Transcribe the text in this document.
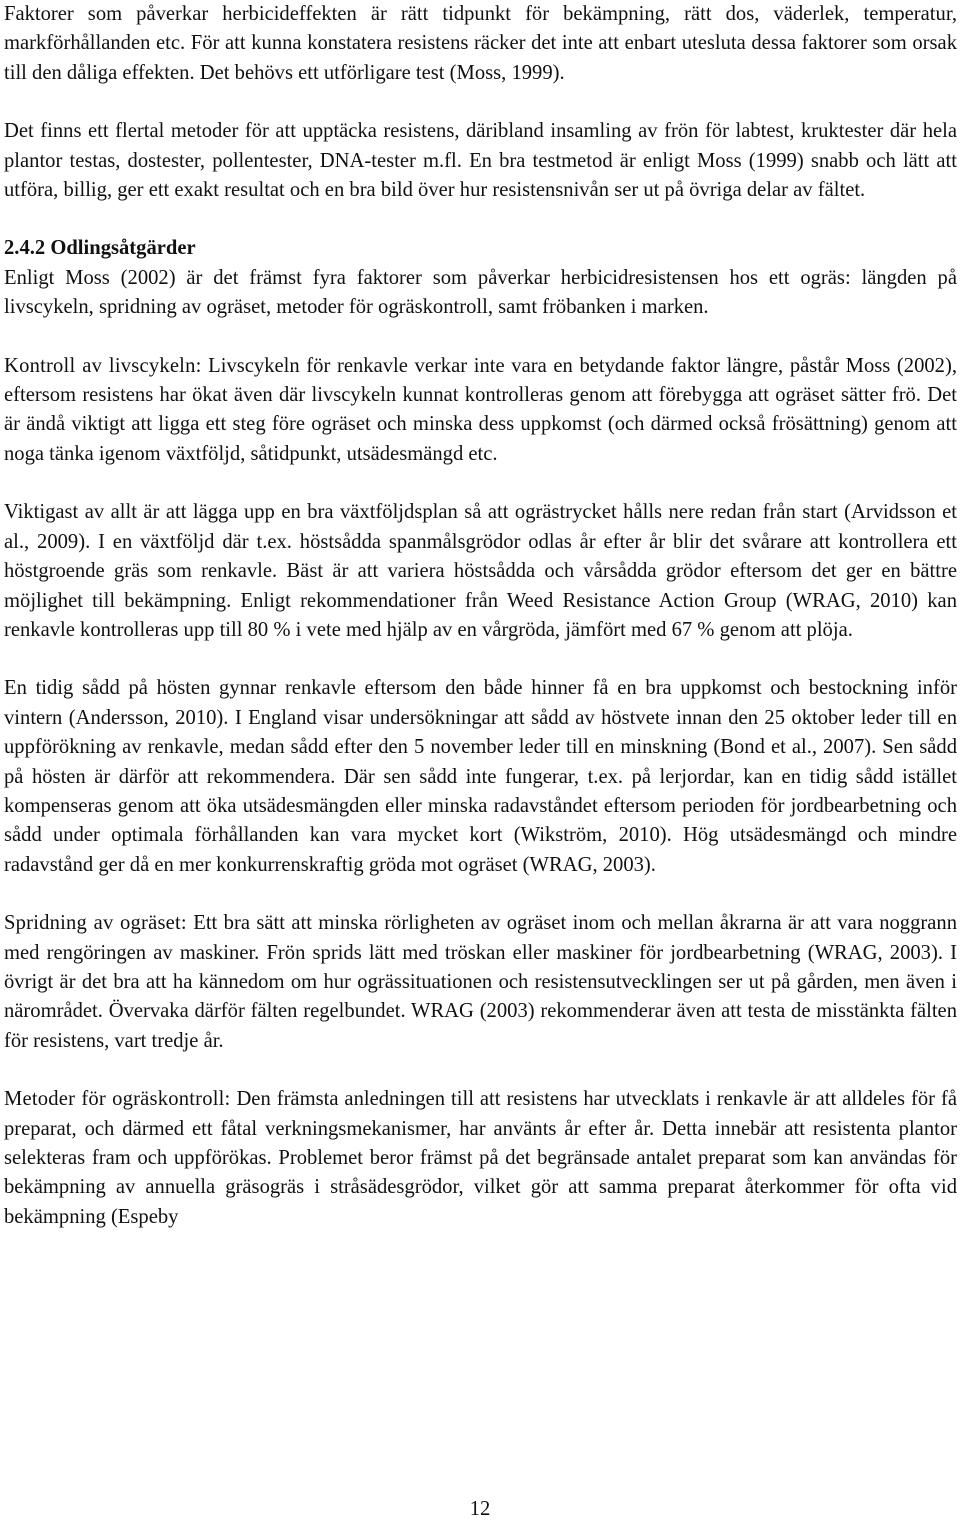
Faktorer som påverkar herbicideffekten är rätt tidpunkt för bekämpning, rätt dos, väderlek, temperatur, markförhållanden etc. För att kunna konstatera resistens räcker det inte att enbart utesluta dessa faktorer som orsak till den dåliga effekten. Det behövs ett utförligare test (Moss, 1999).

Det finns ett flertal metoder för att upptäcka resistens, däribland insamling av frön för labtest, kruktester där hela plantor testas, dostester, pollentester, DNA-tester m.fl. En bra testmetod är enligt Moss (1999) snabb och lätt att utföra, billig, ger ett exakt resultat och en bra bild över hur resistensnivån ser ut på övriga delar av fältet.

2.4.2 Odlingsåtgärder

Enligt Moss (2002) är det främst fyra faktorer som påverkar herbicidresistensen hos ett ogräs: längden på livscykeln, spridning av ogräset, metoder för ogräskontroll, samt fröbanken i marken.

Kontroll av livscykeln: Livscykeln för renkavle verkar inte vara en betydande faktor längre, påstår Moss (2002), eftersom resistens har ökat även där livscykeln kunnat kontrolleras genom att förebygga att ogräset sätter frö. Det är ändå viktigt att ligga ett steg före ogräset och minska dess uppkomst (och därmed också frösättning) genom att noga tänka igenom växtföljd, såtidpunkt, utsädesmängd etc.

Viktigast av allt är att lägga upp en bra växtföljdsplan så att ogrästrycket hålls nere redan från start (Arvidsson et al., 2009). I en växtföljd där t.ex. höstsådda spanmålsgrödor odlas år efter år blir det svårare att kontrollera ett höstgroende gräs som renkavle. Bäst är att variera höstsådda och vårsådda grödor eftersom det ger en bättre möjlighet till bekämpning. Enligt rekommendationer från Weed Resistance Action Group (WRAG, 2010) kan renkavle kontrolleras upp till 80 % i vete med hjälp av en vårgröda, jämfört med 67 % genom att plöja.

En tidig sådd på hösten gynnar renkavle eftersom den både hinner få en bra uppkomst och bestockning inför vintern (Andersson, 2010). I England visar undersökningar att sådd av höstvete innan den 25 oktober leder till en uppförökning av renkavle, medan sådd efter den 5 november leder till en minskning (Bond et al., 2007). Sen sådd på hösten är därför att rekommendera. Där sen sådd inte fungerar, t.ex. på lerjordar, kan en tidig sådd istället kompenseras genom att öka utsädesmängden eller minska radavståndet eftersom perioden för jordbearbetning och sådd under optimala förhållanden kan vara mycket kort (Wikström, 2010). Hög utsädesmängd och mindre radavstånd ger då en mer konkurrenskraftig gröda mot ogräset (WRAG, 2003).

Spridning av ogräset: Ett bra sätt att minska rörligheten av ogräset inom och mellan åkrarna är att vara noggrann med rengöringen av maskiner. Frön sprids lätt med tröskan eller maskiner för jordbearbetning (WRAG, 2003). I övrigt är det bra att ha kännedom om hur ogrässituationen och resistensutvecklingen ser ut på gården, men även i närområdet. Övervaka därför fälten regelbundet. WRAG (2003) rekommenderar även att testa de misstänkta fälten för resistens, vart tredje år.

Metoder för ogräskontroll: Den främsta anledningen till att resistens har utvecklats i renkavle är att alldeles för få preparat, och därmed ett fåtal verkningsmekanismer, har använts år efter år. Detta innebär att resistenta plantor selekteras fram och uppförökas. Problemet beror främst på det begränsade antalet preparat som kan användas för bekämpning av annuella gräsogräs i stråsädesgrödor, vilket gör att samma preparat återkommer för ofta vid bekämpning (Espeby

12
